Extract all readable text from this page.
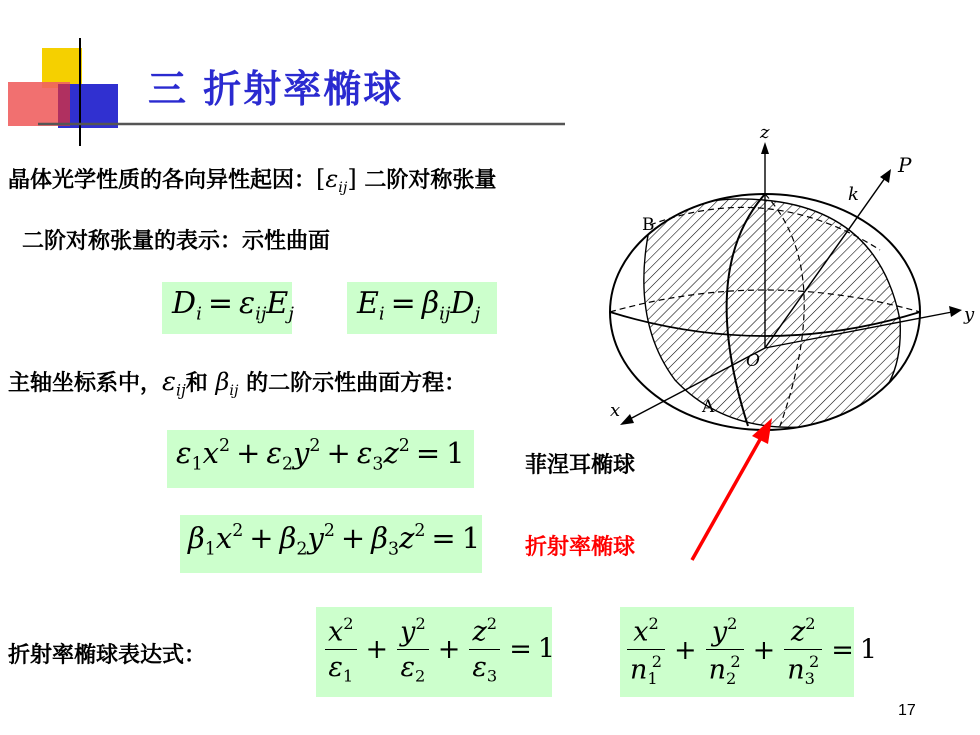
三 折射率椭球
晶体光学性质的各向异性起因：$[\varepsilon_{ij}]$ 二阶对称张量
二阶对称张量的表示：示性曲面
$D_i = \varepsilon_{ij}E_j$ $E_i = \beta_{ij}D_j$
主轴坐标系中，$\varepsilon_{ij}$和 $\beta_{ij}$ 的二阶示性曲面方程：
$\varepsilon_1x^2 + \varepsilon_2y^2 + \varepsilon_3z^2 = 1$	菲涅耳椭球
$\beta_1x^2 + \beta_2y^2 + \beta_3z^2 = 1$ 折射率椭球
折射率椭球表达式：	$\frac{x^2}{\varepsilon_1} + \frac{y^2}{\varepsilon_2} + \frac{z^2}{\varepsilon_3} = 1$	$\frac{x^2}{n_1^2} + \frac{y^2}{n_2^2} + \frac{z^2}{n_3^2} = 1$
z
y
x
O
k
P
B
A
17
